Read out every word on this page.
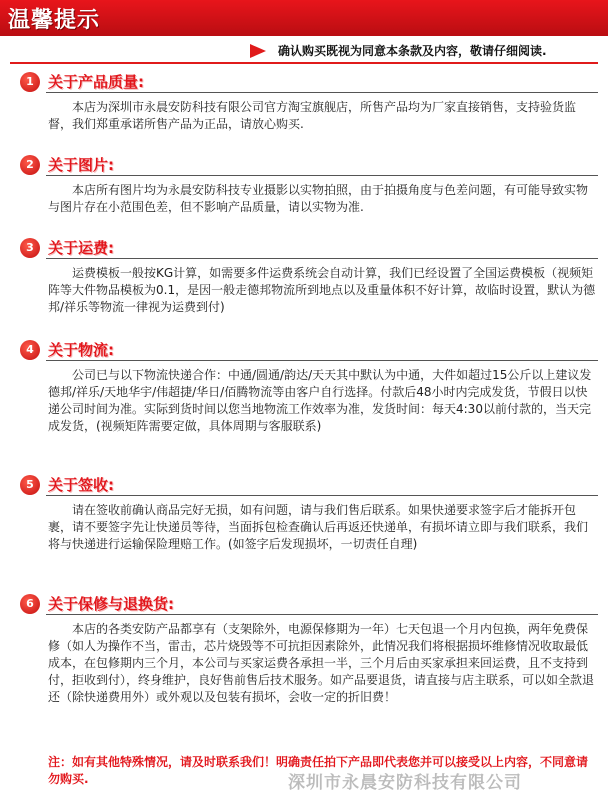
温馨提示
确认购买既视为同意本条款及内容，敬请仔细阅读.
1 关于产品质量:
本店为深圳市永晨安防科技有限公司官方淘宝旗舰店，所售产品均为厂家直接销售，支持验货监督，我们郑重承诺所售产品为正品，请放心购买.
2 关于图片:
本店所有图片均为永晨安防科技专业摄影以实物拍照，由于拍摄角度与色差问题，有可能导致实物与图片存在小范围色差，但不影响产品质量，请以实物为准.
3 关于运费:
运费模板一般按KG计算，如需要多件运费系统会自动计算，我们已经设置了全国运费模板（视频矩阵等大件物品模板为0.1，是因一般走德邦物流所到地点以及重量体积不好计算，故临时设置，默认为德邦/祥乐等物流一律视为运费到付)
4 关于物流:
公司已与以下物流快递合作：中通/圆通/韵达/天天其中默认为中通，大件如超过15公斤以上建议发德邦/祥乐/天地华宇/伟超捷/华日/佰腾物流等由客户自行选择。付款后48小时内完成发货，节假日以快递公司时间为准。实际到货时间以您当地物流工作效率为准，发货时间：每天4:30以前付款的，当天完成发货，(视频矩阵需要定做，具体周期与客服联系)
5 关于签收:
请在签收前确认商品完好无损，如有问题，请与我们售后联系。如果快递要求签字后才能拆开包裹，请不要签字先让快递员等待，当面拆包检查确认后再返还快递单，有损坏请立即与我们联系，我们将与快递进行运输保险理赔工作。(如签字后发现损坏，一切责任自理)
6 关于保修与退换货:
本店的各类安防产品都享有（支架除外，电源保修期为一年）七天包退一个月内包换，两年免费保修（如人为操作不当，雷击，芯片烧毁等不可抗拒因素除外，此情况我们将根据损坏维修情况收取最低成本，在包修期内三个月，本公司与买家运费各承担一半，三个月后由买家承担来回运费，且不支持到付，拒收到付），终身维护，良好售前售后技术服务。如产品要退货，请直接与店主联系，可以如全款退还（除快递费用外）或外观以及包装有损坏，会收一定的折旧费！
注：如有其他特殊情况，请及时联系我们！明确责任拍下产品即代表您并可以接受以上内容，不同意请勿购买.	深圳市永晨安防科技有限公司
